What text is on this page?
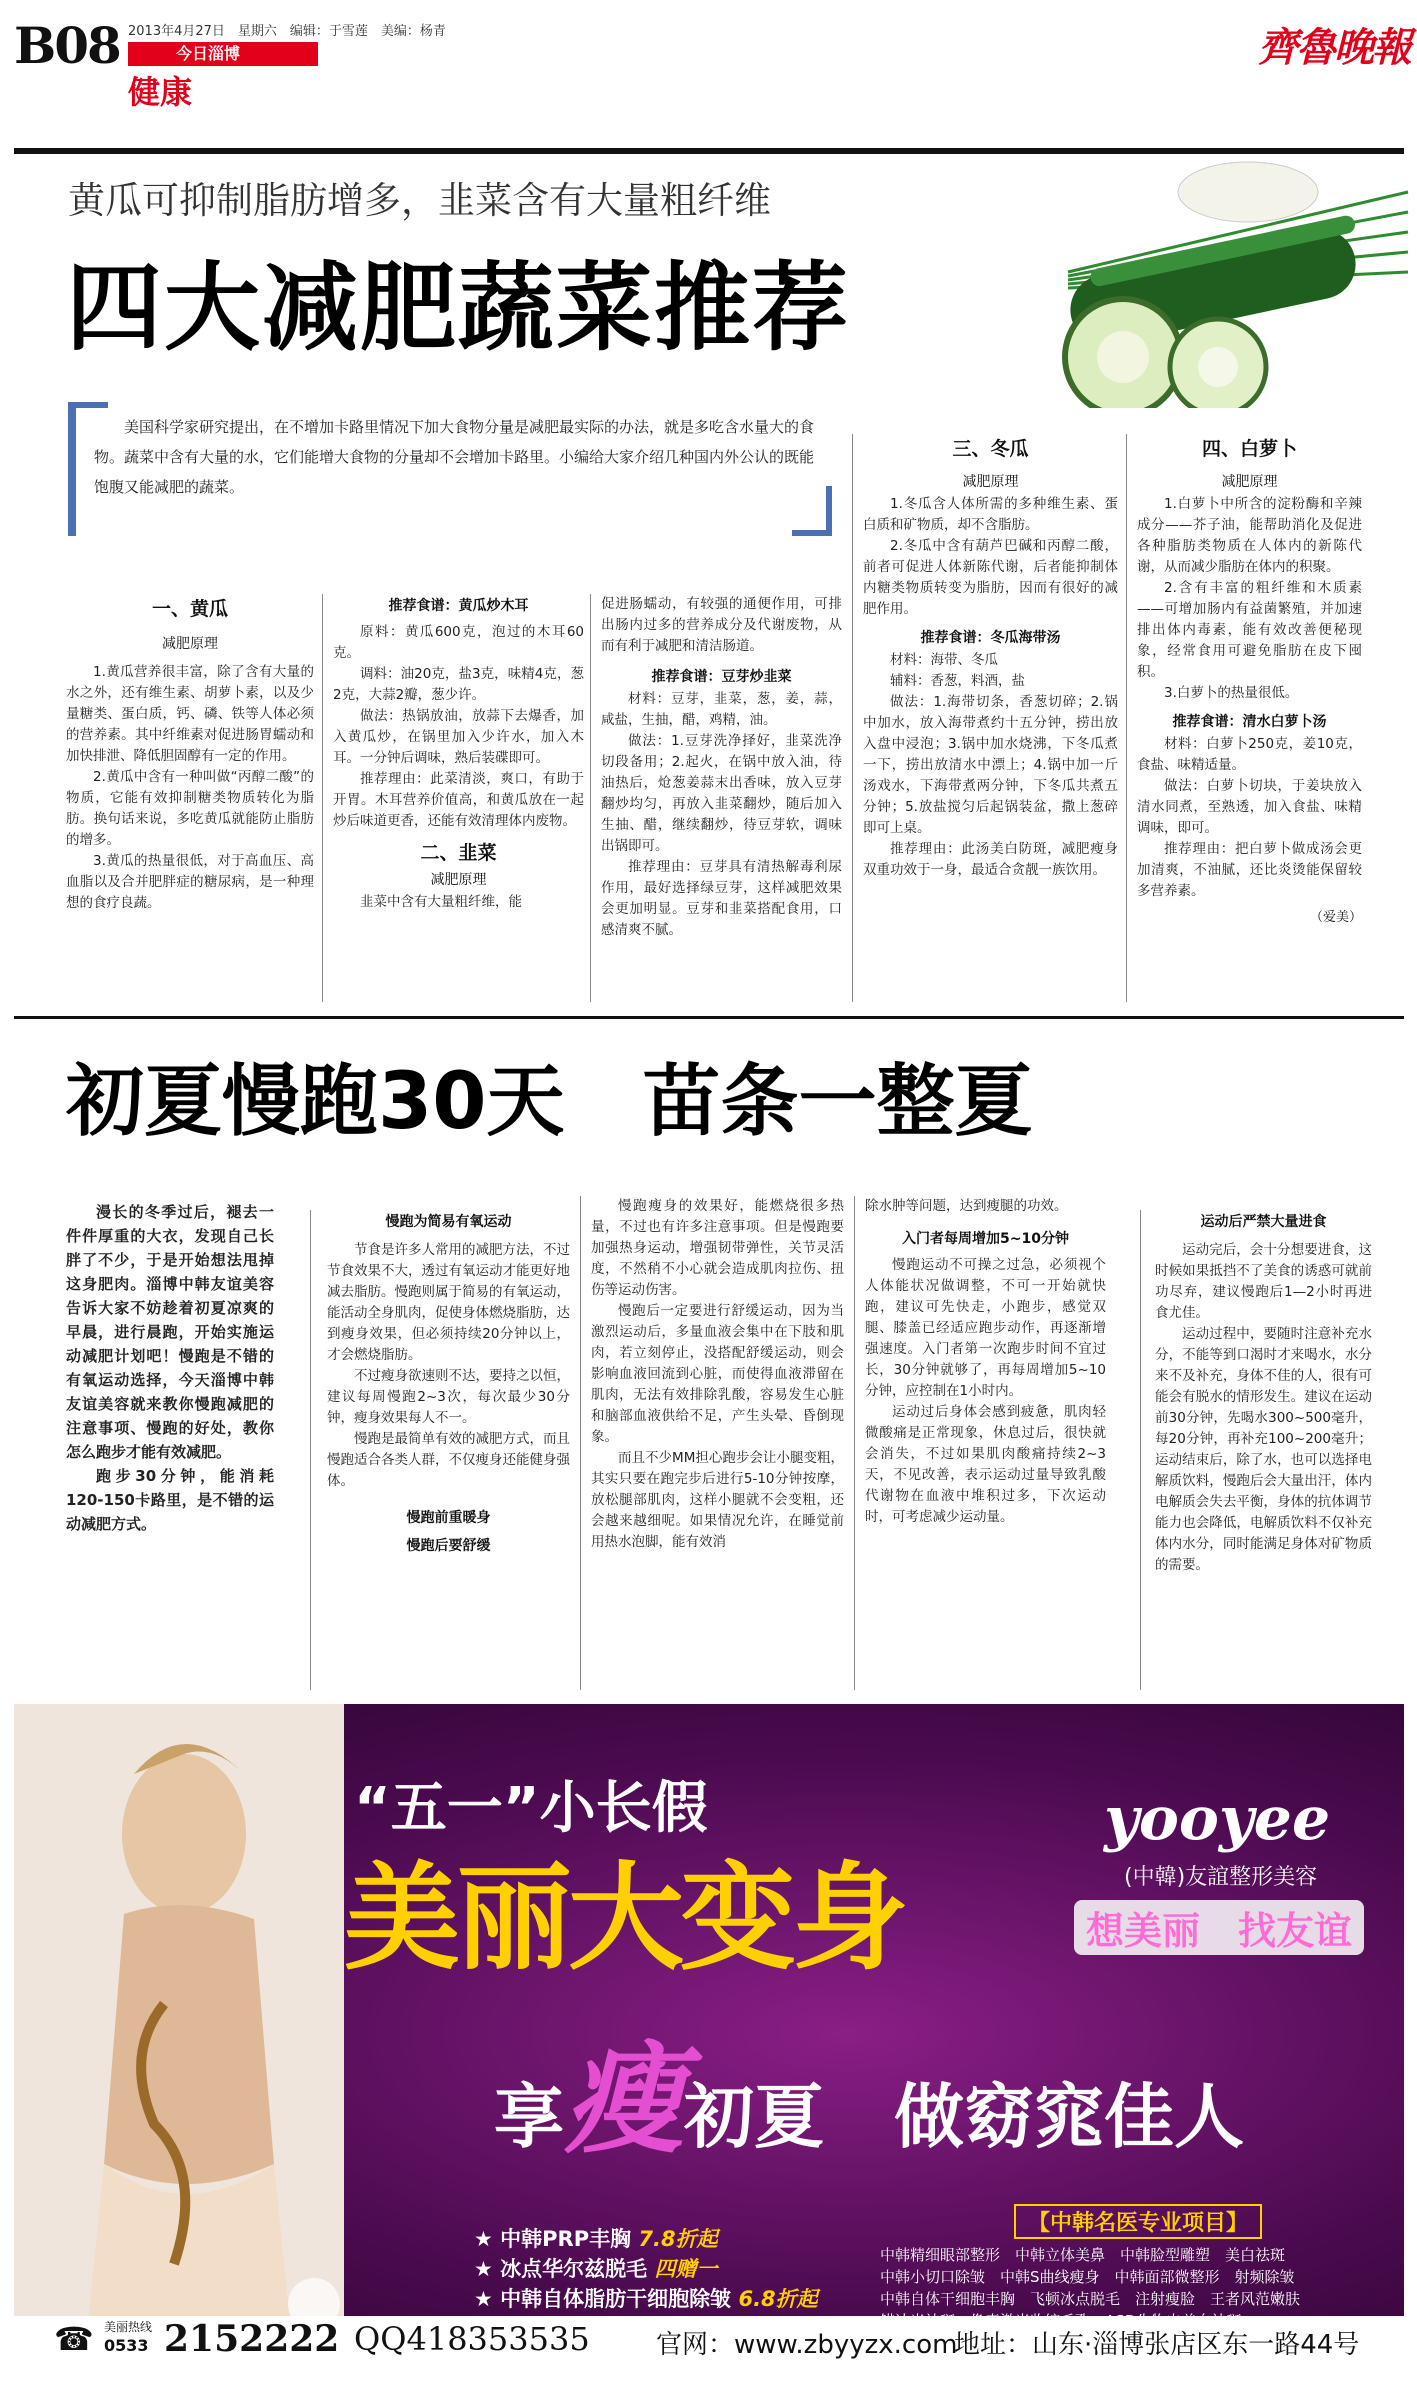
B08 2013年4月27日　星期六　编辑：于雪莲　美编：杨青
今日淄博
健康
齊魯晚報
黄瓜可抑制脂肪增多，韭菜含有大量粗纤维
四大减肥蔬菜推荐
美国科学家研究提出，在不增加卡路里情况下加大食物分量是减肥最实际的办法，就是多吃含水量大的食物。蔬菜中含有大量的水，它们能增大食物的分量却不会增加卡路里。小编给大家介绍几种国内外公认的既能饱腹又能减肥的蔬菜。
一、黄瓜
减肥原理

1.黄瓜营养很丰富，除了含有大量的水之外，还有维生素、胡萝卜素，以及少量糖类、蛋白质，钙、磷、铁等人体必须的营养素。其中纤维素对促进肠胃蠕动和加快排泄、降低胆固醇有一定的作用。

2.黄瓜中含有一种叫做“丙醇二酸”的物质，它能有效抑制糖类物质转化为脂肪。换句话来说，多吃黄瓜就能防止脂肪的增多。

3.黄瓜的热量很低，对于高血压、高血脂以及合并肥胖症的糖尿病，是一种理想的食疗良蔬。

推荐食谱：黄瓜炒木耳

原料：黄瓜600克，泡过的木耳60克。

调料：油20克，盐3克，味精4克，葱2克，大蒜2瓣，葱少许。

做法：热锅放油，放蒜下去爆香，加入黄瓜炒，在锅里加入少许水，加入木耳。一分钟后调味，熟后装碟即可。

推荐理由：此菜清淡，爽口，有助于开胃。木耳营养价值高，和黄瓜放在一起炒后味道更香，还能有效清理体内废物。

二、韭菜
减肥原理

韭菜中含有大量粗纤维，能

促进肠蠕动，有较强的通便作用，可排出肠内过多的营养成分及代谢废物，从而有利于减肥和清洁肠道。

推荐食谱：豆芽炒韭菜

材料：豆芽，韭菜，葱，姜，蒜，咸盐，生抽，醋，鸡精，油。

做法：1.豆芽洗净择好，韭菜洗净切段备用；2.起火，在锅中放入油，待油热后，炝葱姜蒜末出香味，放入豆芽翻炒均匀，再放入韭菜翻炒，随后加入生抽、醋，继续翻炒，待豆芽软，调味出锅即可。

推荐理由：豆芽具有清热解毒利尿作用，最好选择绿豆芽，这样减肥效果会更加明显。豆芽和韭菜搭配食用，口感清爽不腻。

三、冬瓜
减肥原理

1.冬瓜含人体所需的多种维生素、蛋白质和矿物质，却不含脂肪。

2.冬瓜中含有葫芦巴碱和丙醇二酸，前者可促进人体新陈代谢，后者能抑制体内糖类物质转变为脂肪，因而有很好的减肥作用。

推荐食谱：冬瓜海带汤

材料：海带、冬瓜

辅料：香葱，料酒，盐

做法：1.海带切条，香葱切碎；2.锅中加水，放入海带煮约十五分钟，捞出放入盘中浸泡；3.锅中加水烧沸，下冬瓜煮一下，捞出放清水中漂上；4.锅中加一斤汤戏水，下海带煮两分钟，下冬瓜共煮五分钟；5.放盐搅匀后起锅装盆，撒上葱碎即可上桌。

推荐理由：此汤美白防斑，减肥瘦身双重功效于一身，最适合贪靓一族饮用。

四、白萝卜
减肥原理

1.白萝卜中所含的淀粉酶和辛辣成分——芥子油，能帮助消化及促进各种脂肪类物质在人体内的新陈代谢，从而减少脂肪在体内的积聚。

2.含有丰富的粗纤维和木质素——可增加肠内有益菌繁殖，并加速排出体内毒素，能有效改善便秘现象，经常食用可避免脂肪在皮下囤积。

3.白萝卜的热量很低。

推荐食谱：清水白萝卜汤

材料：白萝卜250克，姜10克，食盐、味精适量。

做法：白萝卜切块，于姜块放入清水同煮，至熟透，加入食盐、味精调味，即可。

推荐理由：把白萝卜做成汤会更加清爽，不油腻，还比炎烫能保留较多营养素。

（爱美）
初夏慢跑30天　苗条一整夏

漫长的冬季过后，褪去一件件厚重的大衣，发现自己长胖了不少，于是开始想法甩掉这身肥肉。淄博中韩友谊美容告诉大家不妨趁着初夏凉爽的早晨，进行晨跑，开始实施运动减肥计划吧！慢跑是不错的有氧运动选择，今天淄博中韩友谊美容就来教你慢跑减肥的注意事项、慢跑的好处，教你怎么跑步才能有效减肥。

跑步30分钟，能消耗120-150卡路里，是不错的运动减肥方式。

慢跑为简易有氧运动

节食是许多人常用的减肥方法，不过节食效果不大，透过有氧运动才能更好地减去脂肪。慢跑则属于简易的有氧运动，能活动全身肌肉，促使身体燃烧脂肪，达到瘦身效果，但必须持续20分钟以上，才会燃烧脂肪。

不过瘦身欲速则不达，要持之以恒，建议每周慢跑2~3次，每次最少30分钟，瘦身效果每人不一。

慢跑是最简单有效的减肥方式，而且慢跑适合各类人群，不仅瘦身还能健身强体。

慢跑前重暖身
慢跑后要舒缓

慢跑瘦身的效果好，能燃烧很多热量，不过也有许多注意事项。但是慢跑要加强热身运动，增强韧带弹性，关节灵活度，不然稍不小心就会造成肌肉拉伤、扭伤等运动伤害。

慢跑后一定要进行舒缓运动，因为当激烈运动后，多量血液会集中在下肢和肌肉，若立刻停止，没搭配舒缓运动，则会影响血液回流到心脏，而使得血液滞留在肌肉，无法有效排除乳酸，容易发生心脏和脑部血液供给不足，产生头晕、昏倒现象。

而且不少MM担心跑步会让小腿变粗，其实只要在跑完步后进行5-10分钟按摩，放松腿部肌肉，这样小腿就不会变粗，还会越来越细呢。如果情况允许，在睡觉前用热水泡脚，能有效消

除水肿等问题，达到瘦腿的功效。

入门者每周增加5~10分钟

慢跑运动不可操之过急，必须视个人体能状况做调整，不可一开始就快跑，建议可先快走，小跑步，感觉双腿、膝盖已经适应跑步动作，再逐渐增强速度。入门者第一次跑步时间不宜过长，30分钟就够了，再每周增加5~10分钟，应控制在1小时内。

运动过后身体会感到疲惫，肌肉轻微酸痛是正常现象，休息过后，很快就会消失，不过如果肌肉酸痛持续2~3天，不见改善，表示运动过量导致乳酸代谢物在血液中堆积过多，下次运动时，可考虑减少运动量。

运动后严禁大量进食

运动完后，会十分想要进食，这时候如果抵挡不了美食的诱惑可就前功尽弃，建议慢跑后1—2小时再进食尤佳。

运动过程中，要随时注意补充水分，不能等到口渴时才来喝水，水分来不及补充，身体不佳的人，很有可能会有脱水的情形发生。建议在运动前30分钟，先喝水300~500毫升，每20分钟，再补充100~200毫升；运动结束后，除了水，也可以选择电解质饮料，慢跑后会大量出汗，体内电解质会失去平衡，身体的抗体调节能力也会降低，电解质饮料不仅补充体内水分，同时能满足身体对矿物质的需要。

“五一”小长假
美丽大变身
享瘦初夏　做窈窕佳人
yooyee
(中韓)友誼整形美容
想美丽　找友谊
★ 中韩PRP丰胸 7.8折起
★ 冰点华尔兹脱毛 四赠一
★ 中韩自体脂肪干细胞除皱 6.8折起
【中韩名医专业项目】
中韩精细眼部整形　中韩立体美鼻　中韩脸型雕塑　美白祛斑
中韩小切口除皱　中韩S曲线瘦身　中韩面部微整形　射频除皱
中韩自体干细胞丰胸　飞顿冰点脱毛　注射瘦脸　王者风范嫩肤
☎ 美丽热线
0533 2152222 QQ418353535	官网：www.zbyyzx.com
地址：山东·淄博张店区东一路44号
